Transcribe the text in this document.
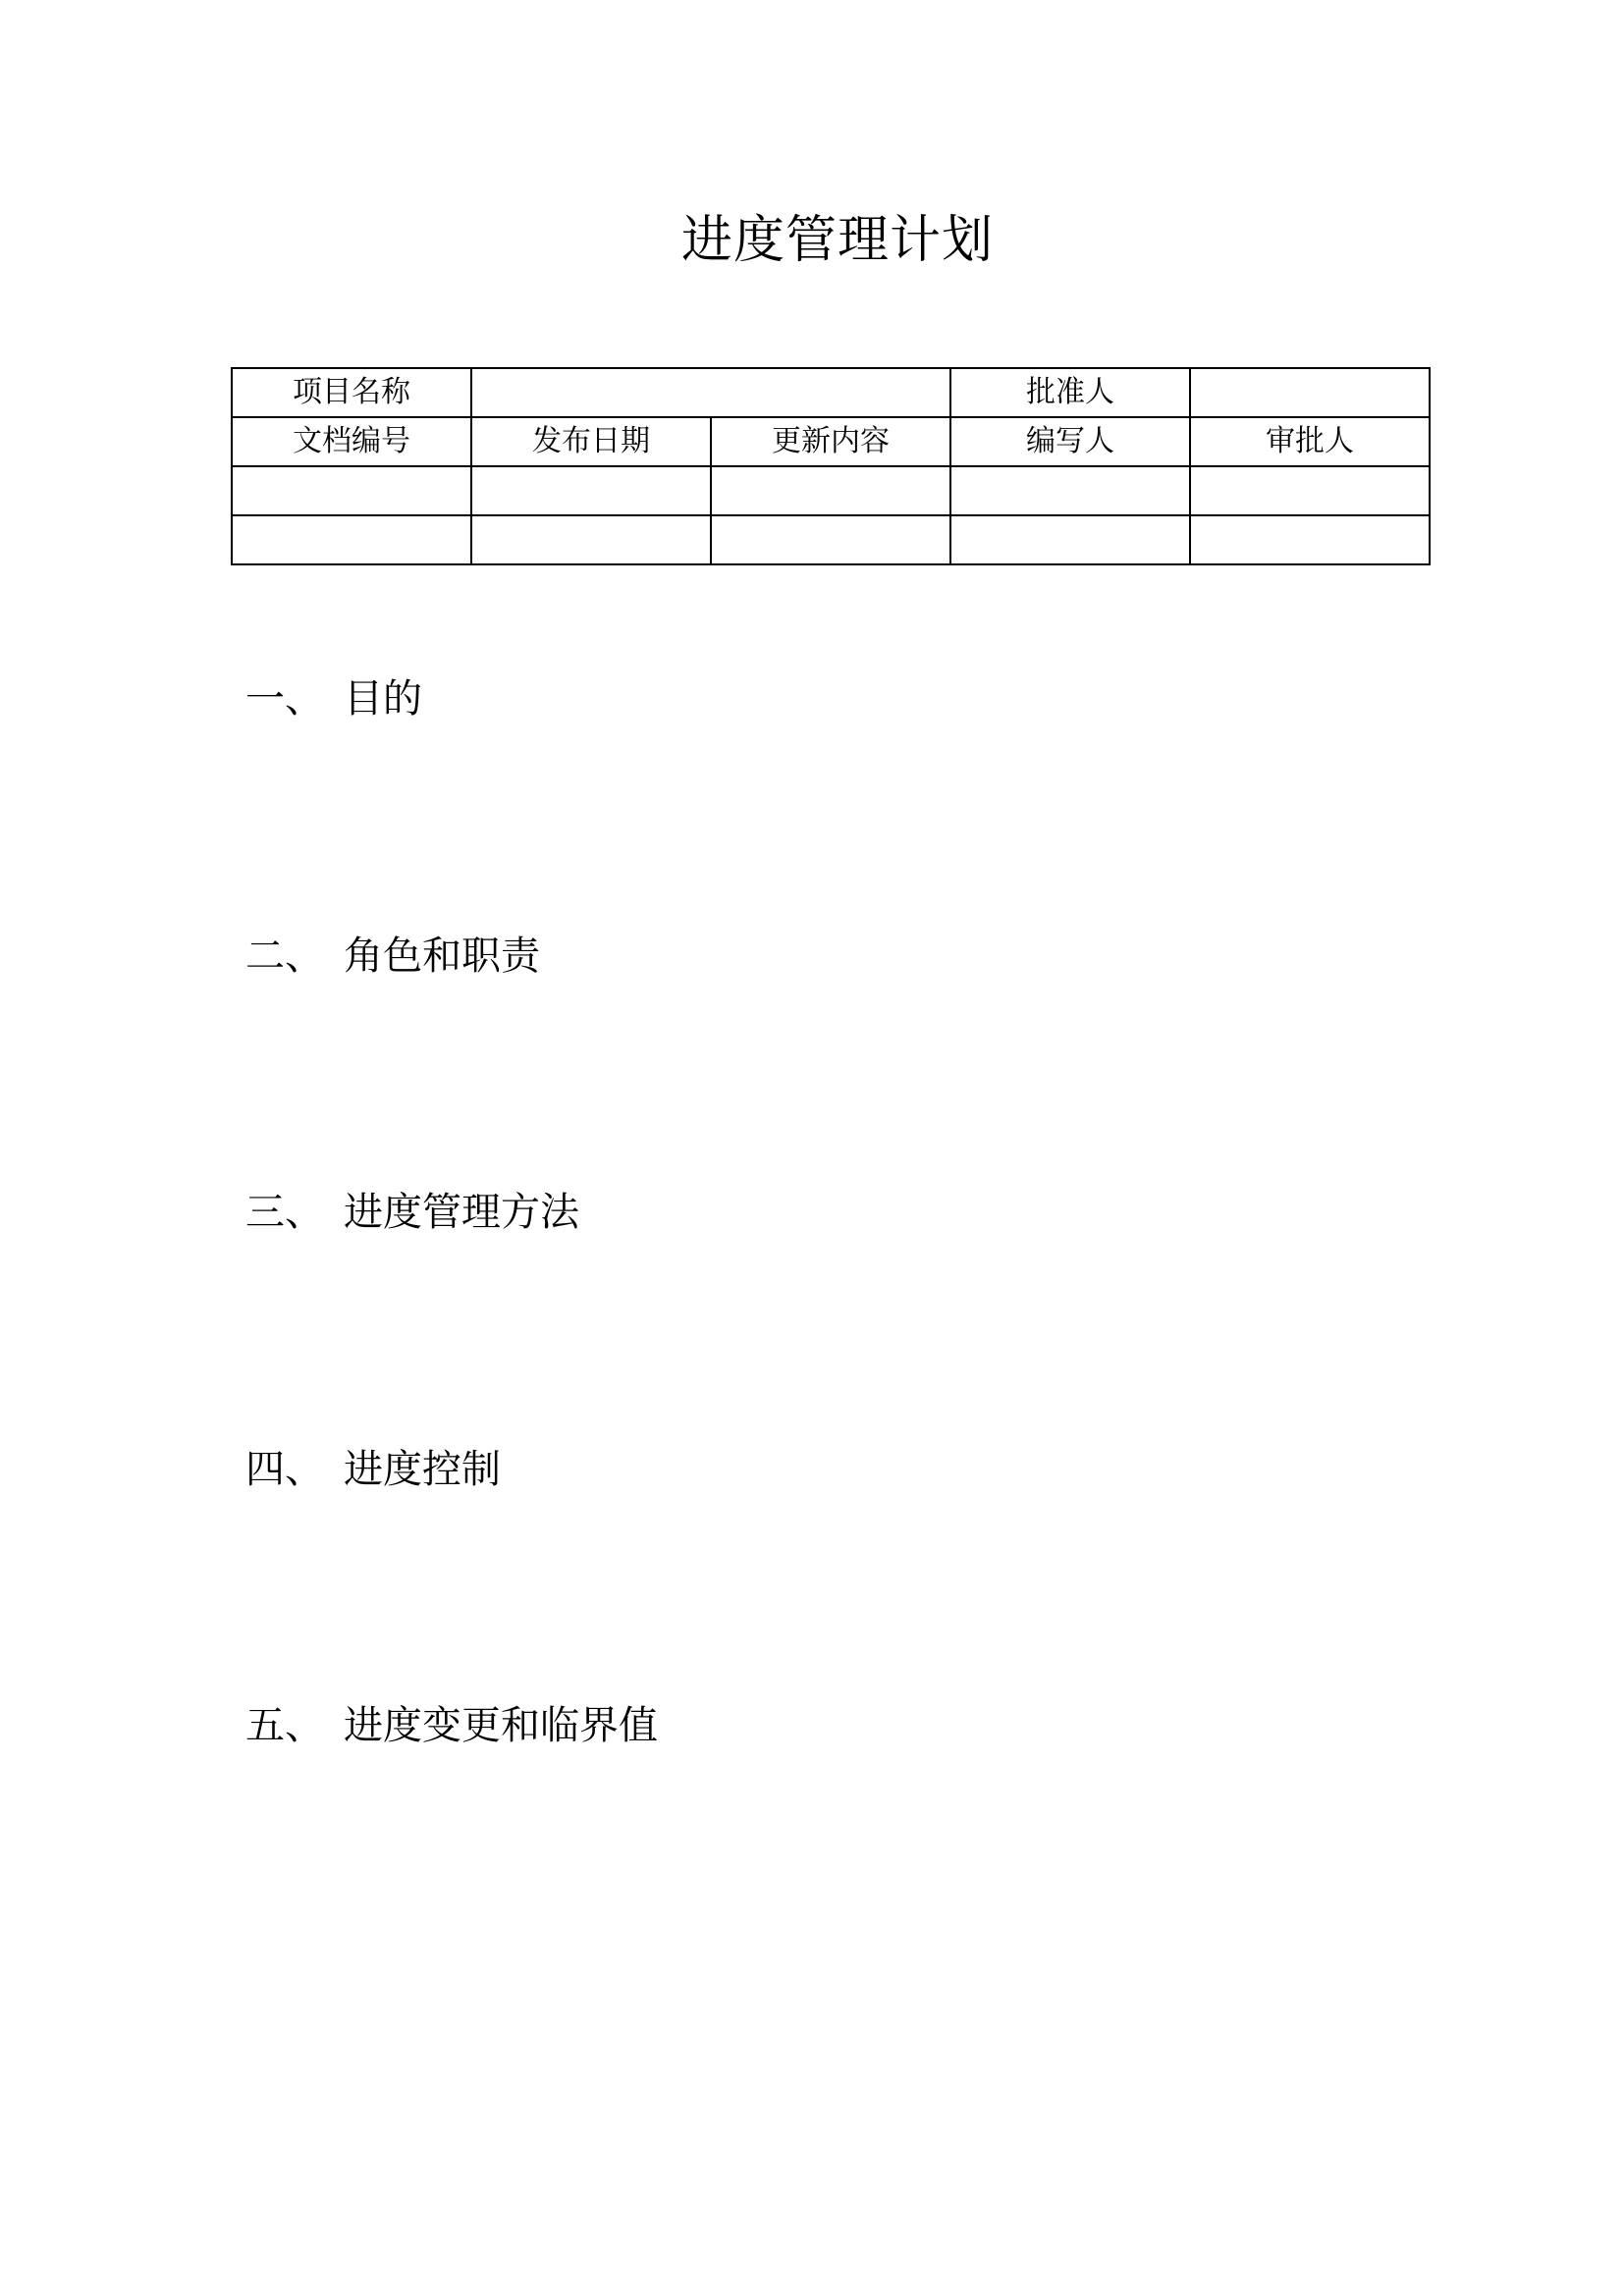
进度管理计划
项目名称			批准人	
文档编号	发布日期	更新内容	编写人	审批人

一、 目的
二、 角色和职责
三、 进度管理方法
四、 进度控制
五、 进度变更和临界值
